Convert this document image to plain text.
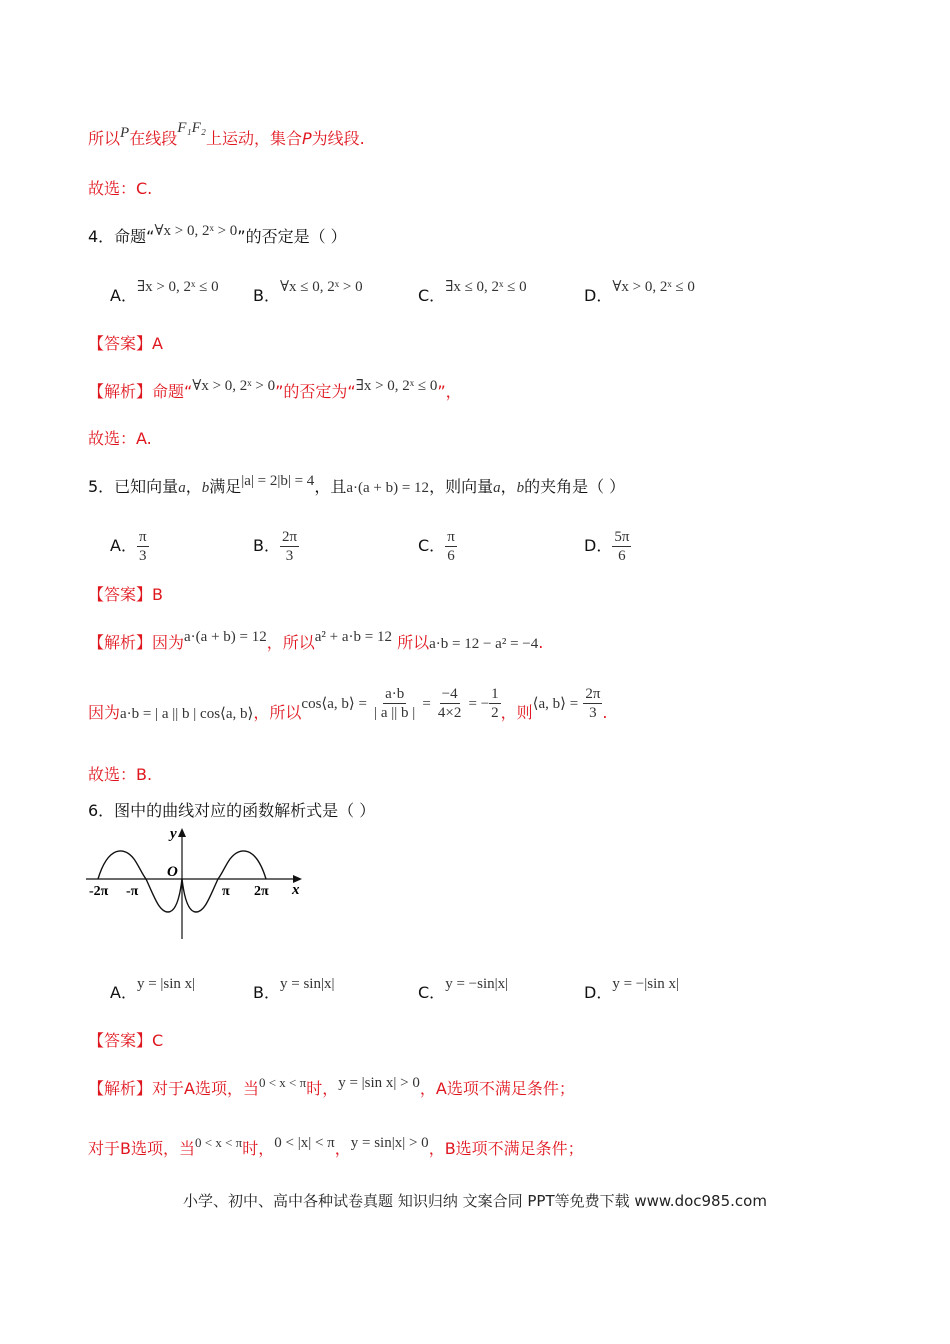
所以P在线段F₁F₂上运动，集合P为线段.
故选：C.
4．命题“∀x > 0, 2ˣ > 0”的否定是（ ）
A．∃x > 0, 2ˣ ≤ 0 B．∀x ≤ 0, 2ˣ > 0	C．∃x ≤ 0, 2ˣ ≤ 0	D．∀x > 0, 2ˣ ≤ 0
【答案】A
【解析】命题“∀x > 0, 2ˣ > 0”的否定为“∃x > 0, 2ˣ ≤ 0”，
故选：A.
5．已知向量a，b满足|a| = 2|b| = 4，且a·(a + b) = 12，则向量a，b的夹角是（ ）
A． $\frac{\pi}{3}$	B． $\frac{2\pi}{3}$	C． $\frac{\pi}{6}$	D． $\frac{5\pi}{6}$
【答案】B
【解析】因为a·(a + b) = 12，所以a² + a·b = 12 所以a·b = 12 − a² = −4.
因为a·b = | a || b | cos⟨a, b⟩，所以cos⟨a, b⟩ = $\frac{a\cdot b}{| a || b |} = \frac{-4}{4\times 2}$ = − $\frac{1}{2}$ ，则⟨a, b⟩ = $\frac{2\pi}{3}$ .
故选：B.
6．图中的曲线对应的函数解析式是（ ）
y
O
x
-2π -π	π 2π
A．y = |sin x|	B．y = sin|x|	C．y = −sin|x|	D．y = −|sin x|
【答案】C
【解析】对于A选项，当$^{0 < x < \pi}$时，y = |sin x| > 0，A选项不满足条件；
对于B选项，当$^{0 < x < \pi}$时，0 < |x| < π，y = sin|x| > 0，B选项不满足条件；
小学、初中、高中各种试卷真题 知识归纳 文案合同 PPT等免费下载 www.doc985.com
